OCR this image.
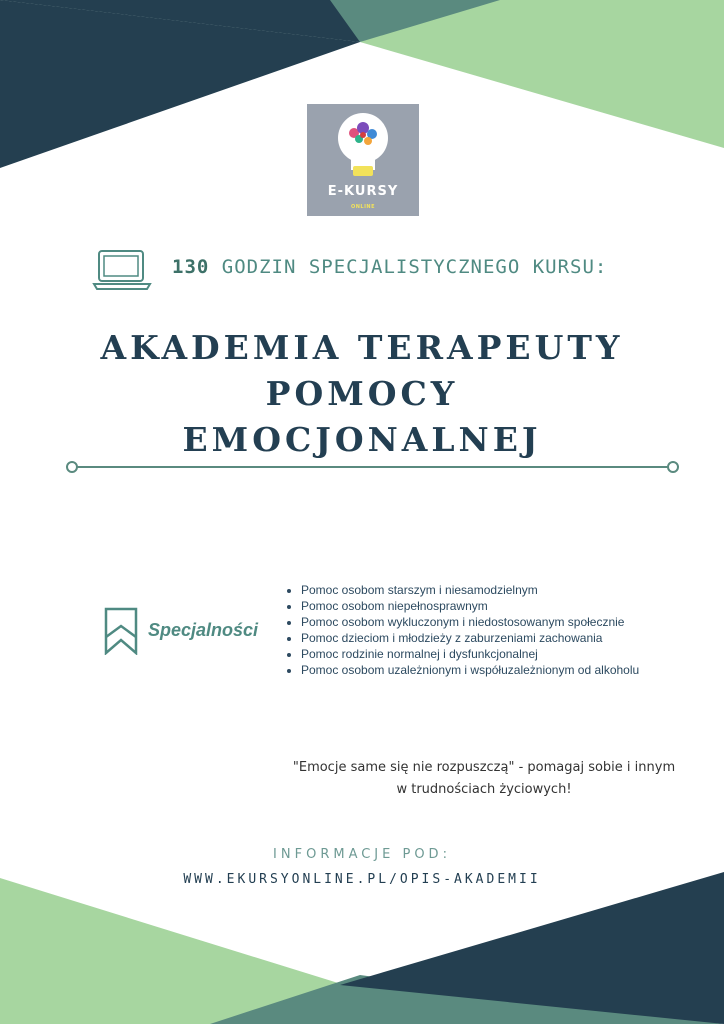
E-KURSY
ONLINE
130 GODZIN SPECJALISTYCZNEGO KURSU:
AKADEMIA TERAPEUTY
POMOCY
EMOCJONALNEJ
Specjalności
• Pomoc osobom starszym i niesamodzielnym
• Pomoc osobom niepełnosprawnym
• Pomoc osobom wykluczonym i niedostosowanym społecznie
• Pomoc dzieciom i młodzieży z zaburzeniami zachowania
• Pomoc rodzinie normalnej i dysfunkcjonalnej
• Pomoc osobom uzależnionym i współuzależnionym od alkoholu
"Emocje same się nie rozpuszczą" - pomagaj sobie i innym
w trudnościach życiowych!
INFORMACJE POD:
WWW.EKURSYONLINE.PL/OPIS-AKADEMII
